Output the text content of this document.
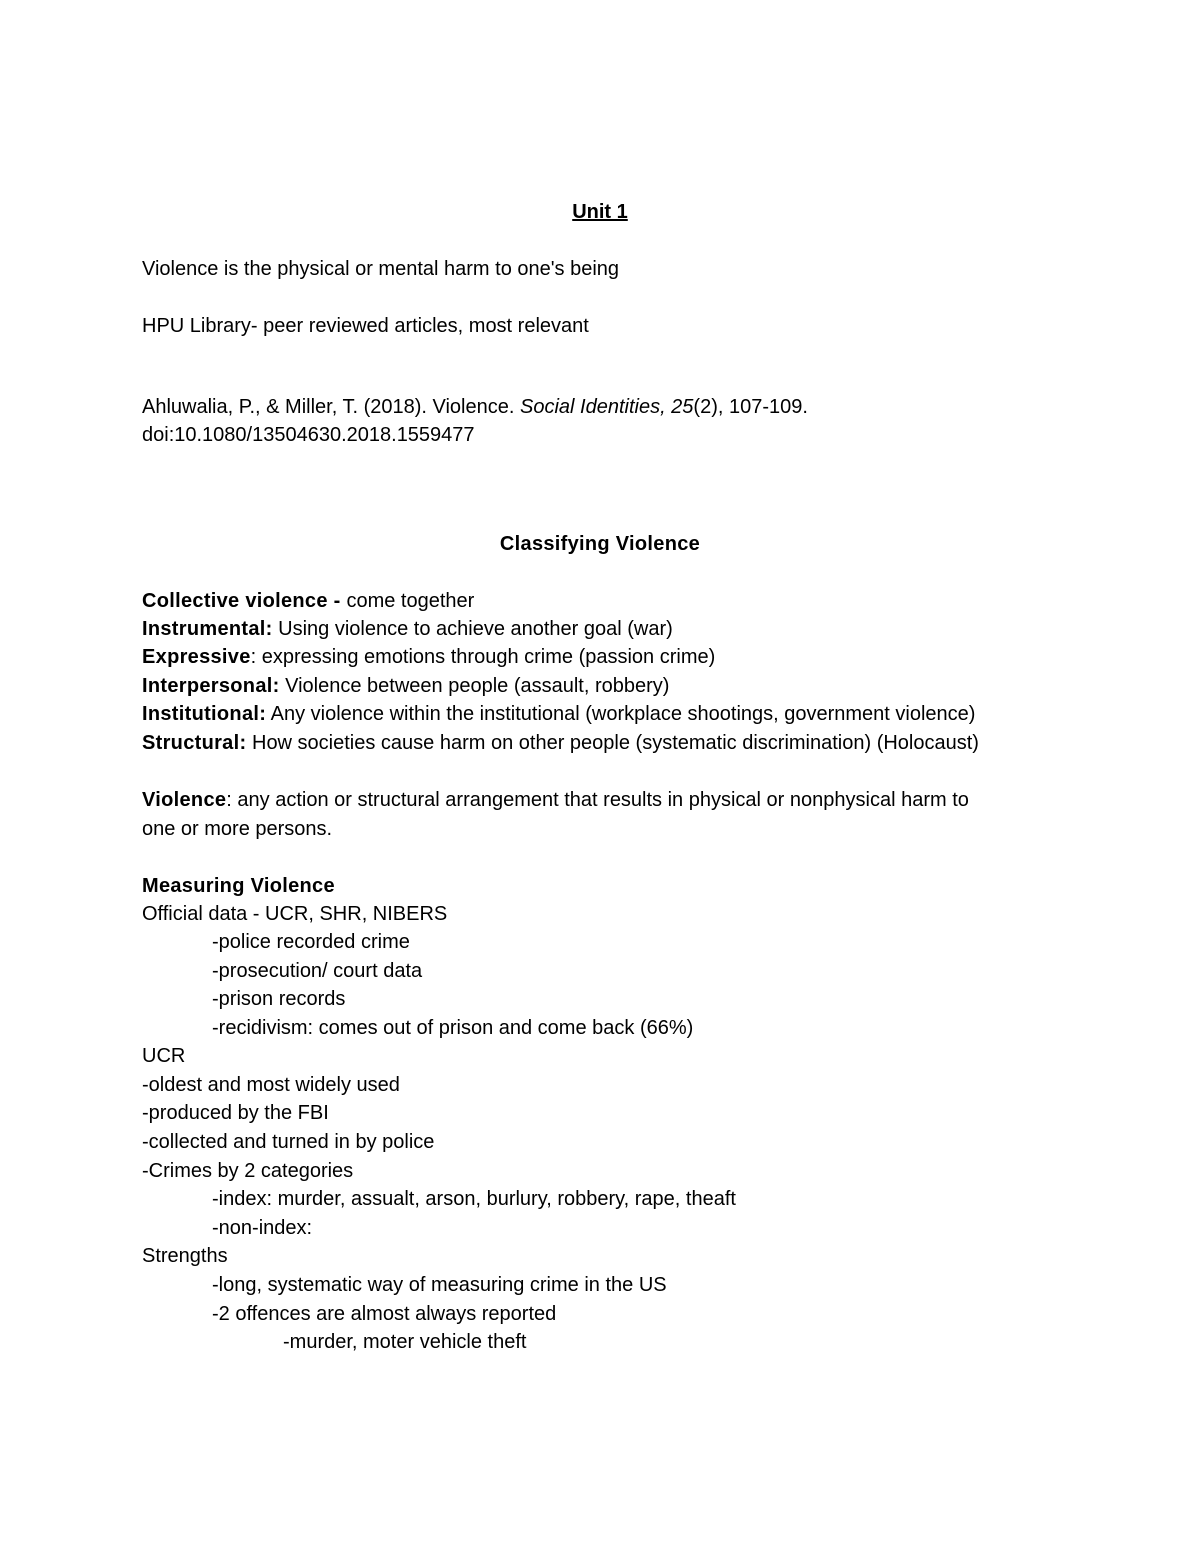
Unit 1
Violence is the physical or mental harm to one's being
HPU Library- peer reviewed articles, most relevant
Ahluwalia, P., & Miller, T. (2018). Violence. Social Identities, 25(2), 107-109.
doi:10.1080/13504630.2018.1559477
Classifying Violence
Collective violence - come together
Instrumental: Using violence to achieve another goal (war)
Expressive: expressing emotions through crime (passion crime)
Interpersonal: Violence between people (assault, robbery)
Institutional: Any violence within the institutional (workplace shootings, government violence)
Structural: How societies cause harm on other people (systematic discrimination) (Holocaust)
Violence: any action or structural arrangement that results in physical or nonphysical harm to
one or more persons.
Measuring Violence
Official data - UCR, SHR, NIBERS
-police recorded crime
-prosecution/ court data
-prison records
-recidivism: comes out of prison and come back (66%)
UCR
-oldest and most widely used
-produced by the FBI
-collected and turned in by police
-Crimes by 2 categories
-index: murder, assualt, arson, burlury, robbery, rape, theaft
-non-index:
Strengths
-long, systematic way of measuring crime in the US
-2 offences are almost always reported
-murder, moter vehicle theft
